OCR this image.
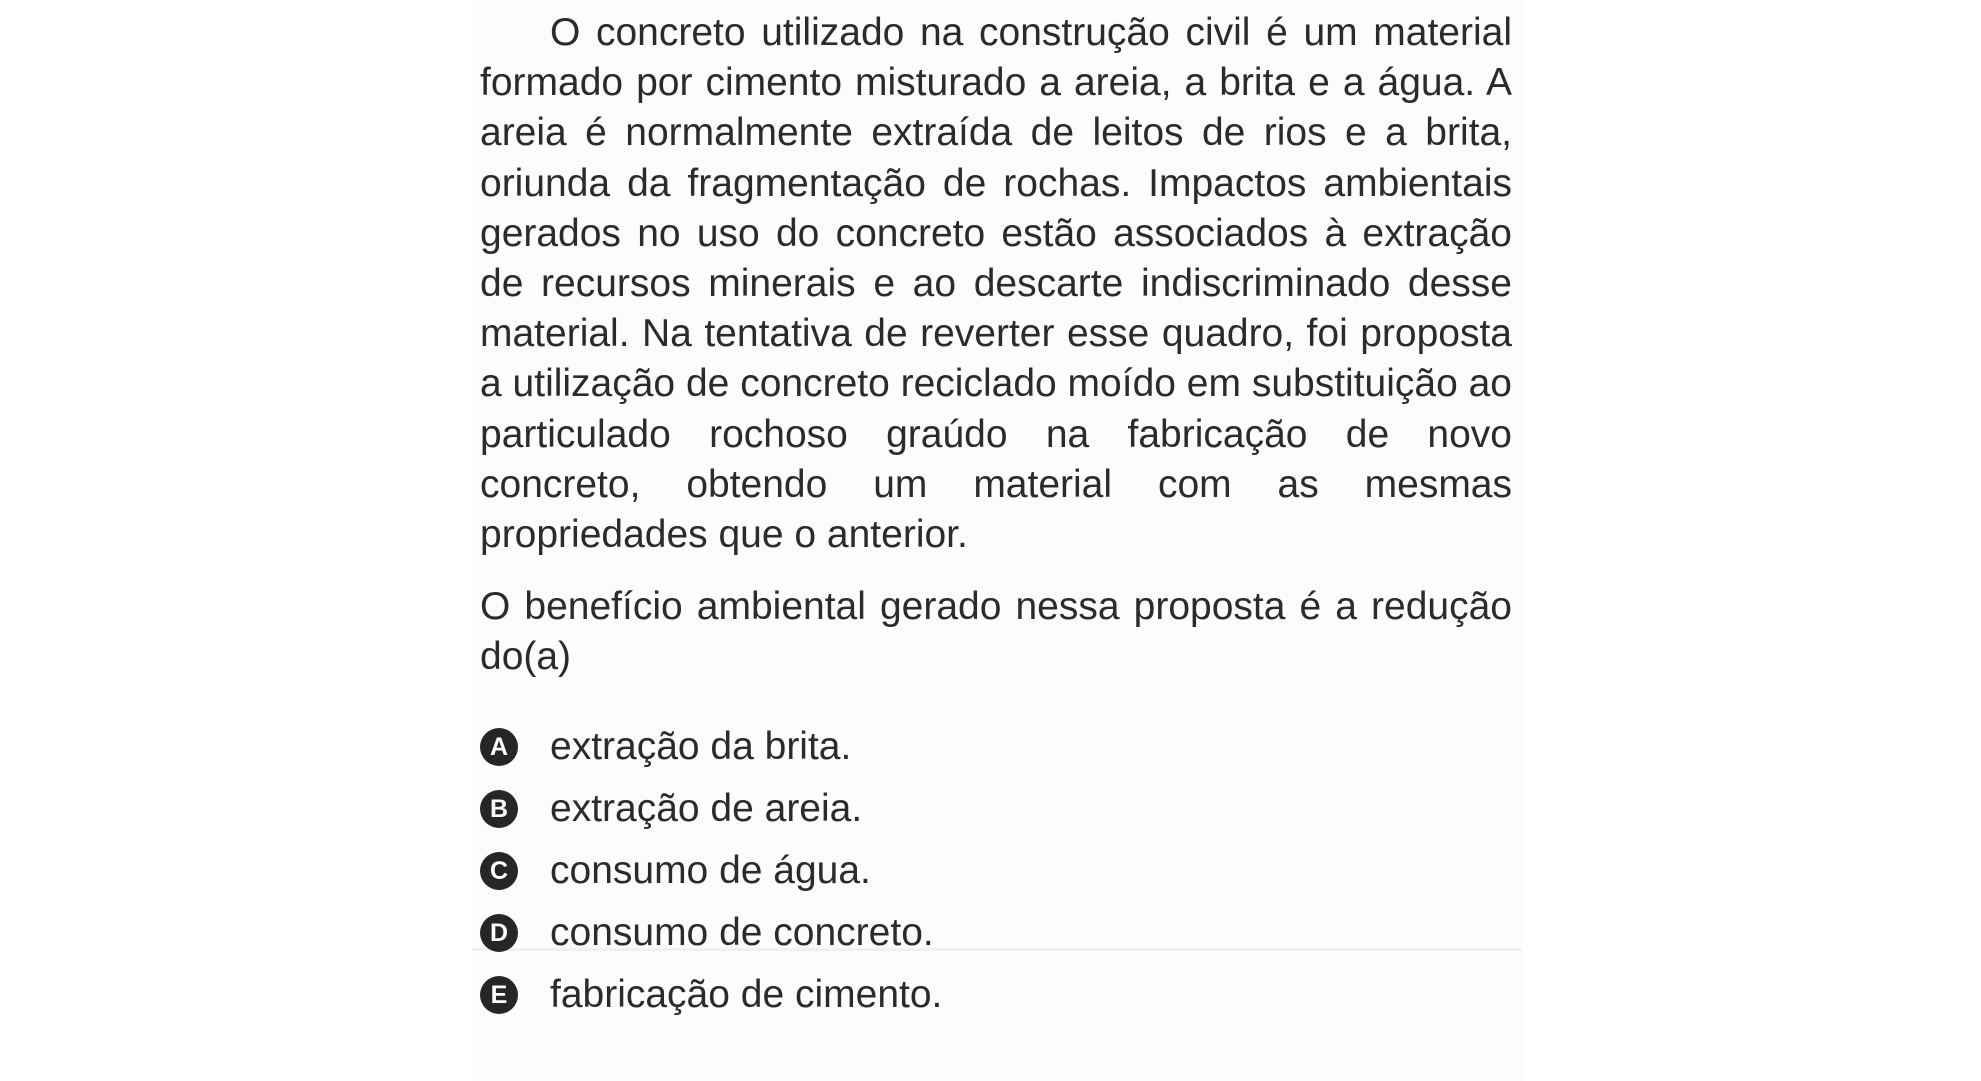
O concreto utilizado na construção civil é um material formado por cimento misturado a areia, a brita e a água. A areia é normalmente extraída de leitos de rios e a brita, oriunda da fragmentação de rochas. Impactos ambientais gerados no uso do concreto estão associados à extração de recursos minerais e ao descarte indiscriminado desse material. Na tentativa de reverter esse quadro, foi proposta a utilização de concreto reciclado moído em substituição ao particulado rochoso graúdo na fabricação de novo concreto, obtendo um material com as mesmas propriedades que o anterior.

O benefício ambiental gerado nessa proposta é a redução do(a)

A extração da brita.
B extração de areia.
C consumo de água.
D consumo de concreto.
E fabricação de cimento.
